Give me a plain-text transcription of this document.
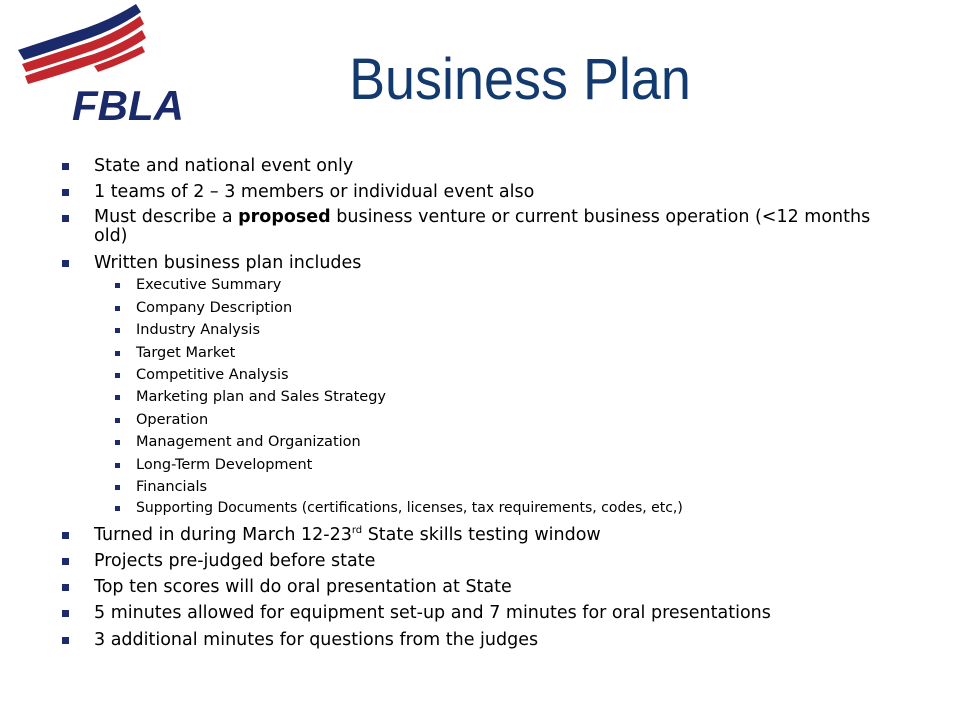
FBLA	Business Plan
State and national event only
1 teams of 2 – 3 members or individual event also
Must describe a proposed business venture or current business operation (<12 months old)
Written business plan includes
Executive Summary
Company Description
Industry Analysis
Target Market
Competitive Analysis
Marketing plan and Sales Strategy
Operation
Management and Organization
Long-Term Development
Financials
Supporting Documents (certifications, licenses, tax requirements, codes, etc,)
Turned in during March 12-23rd State skills testing window
Projects pre-judged before state
Top ten scores will do oral presentation at State
5 minutes allowed for equipment set-up and 7 minutes for oral presentations
3 additional minutes for questions from the judges
